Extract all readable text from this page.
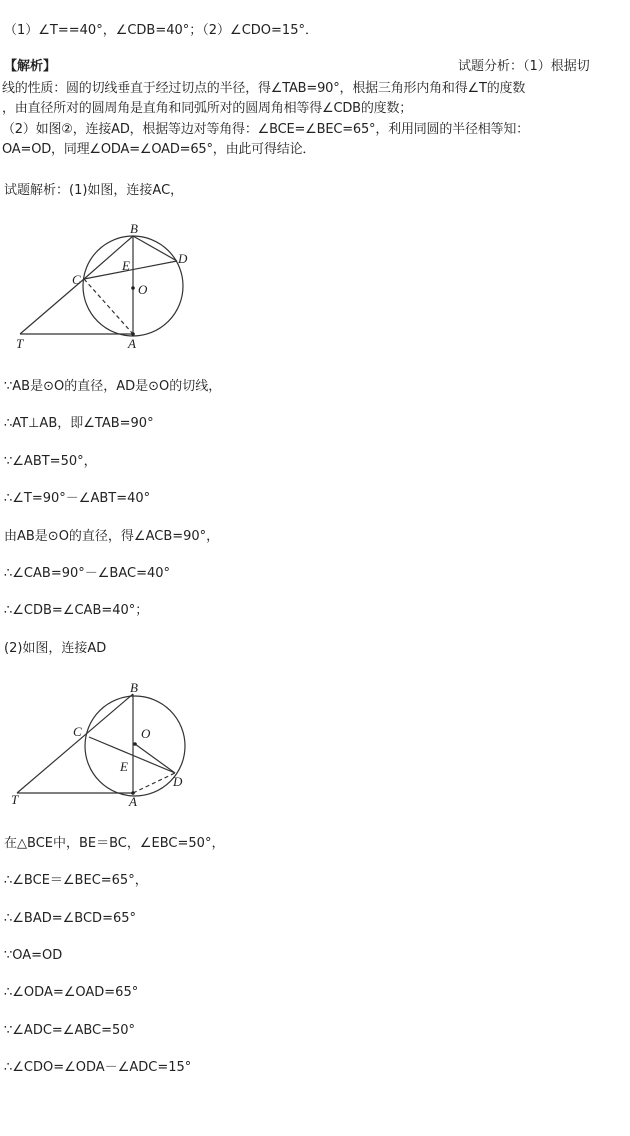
（1）∠T==40°，∠CDB=40°；（2）∠CDO=15°．
【解析】	试题分析：（1）根据切
线的性质：圆的切线垂直于经过切点的半径，得∠TAB=90°，根据三角形内角和得∠T的度数
，由直径所对的圆周角是直角和同弧所对的圆周角相等得∠CDB的度数；
（2）如图②，连接AD，根据等边对等角得：∠BCE=∠BEC=65°，利用同圆的半径相等知：
OA=OD，同理∠ODA=∠OAD=65°，由此可得结论．
试题解析：(1)如图，连接AC，
B
D
C
E
O
T	A
∵AB是⊙O的直径，AD是⊙O的切线，
∴AT⊥AB，即∠TAB=90°
∵∠ABT=50°，
∴∠T=90°－∠ABT=40°
由AB是⊙O的直径，得∠ACB=90°，
∴∠CAB=90°－∠BAC=40°
∴∠CDB=∠CAB=40°；
(2)如图，连接AD
B
C	O
E
D
T	A
在△BCE中，BE＝BC，∠EBC=50°，
∴∠BCE＝∠BEC=65°，
∴∠BAD=∠BCD=65°
∵OA=OD
∴∠ODA=∠OAD=65°
∵∠ADC=∠ABC=50°
∴∠CDO=∠ODA－∠ADC=15°
